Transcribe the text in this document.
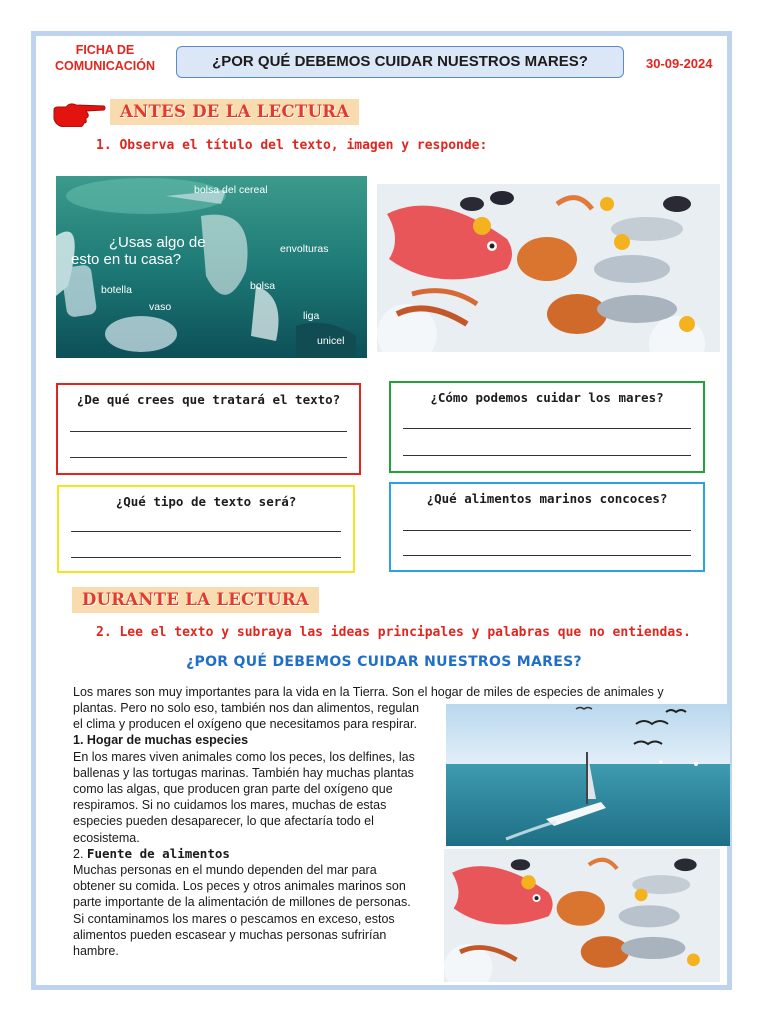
FICHA DE
COMUNICACIÓN	¿POR QUÉ DEBEMOS CUIDAR NUESTROS MARES?	30-09-2024
ANTES DE LA LECTURA
1. Observa el título del texto, imagen y responde:
¿Usas algo de
esto en tu casa?
bolsa del cereal
envolturas
botella
vaso
bolsa
liga
unicel
¿De qué crees que tratará el texto?	¿Cómo podemos cuidar los mares?
¿Qué tipo de texto será?	¿Qué alimentos marinos concoces?
DURANTE LA LECTURA
2. Lee el texto y subraya las ideas principales y palabras que no entiendas.
¿POR QUÉ DEBEMOS CUIDAR NUESTROS MARES?
Los mares son muy importantes para la vida en la Tierra. Son el hogar de miles de especies de animales y
plantas. Pero no solo eso, también nos dan alimentos, regulan
el clima y producen el oxígeno que necesitamos para respirar.
1. Hogar de muchas especies
En los mares viven animales como los peces, los delfines, las
ballenas y las tortugas marinas. También hay muchas plantas
como las algas, que producen gran parte del oxígeno que
respiramos. Si no cuidamos los mares, muchas de estas
especies pueden desaparecer, lo que afectaría todo el
ecosistema.
2. Fuente de alimentos
Muchas personas en el mundo dependen del mar para
obtener su comida. Los peces y otros animales marinos son
parte importante de la alimentación de millones de personas.
Si contaminamos los mares o pescamos en exceso, estos
alimentos pueden escasear y muchas personas sufrirían
hambre.
